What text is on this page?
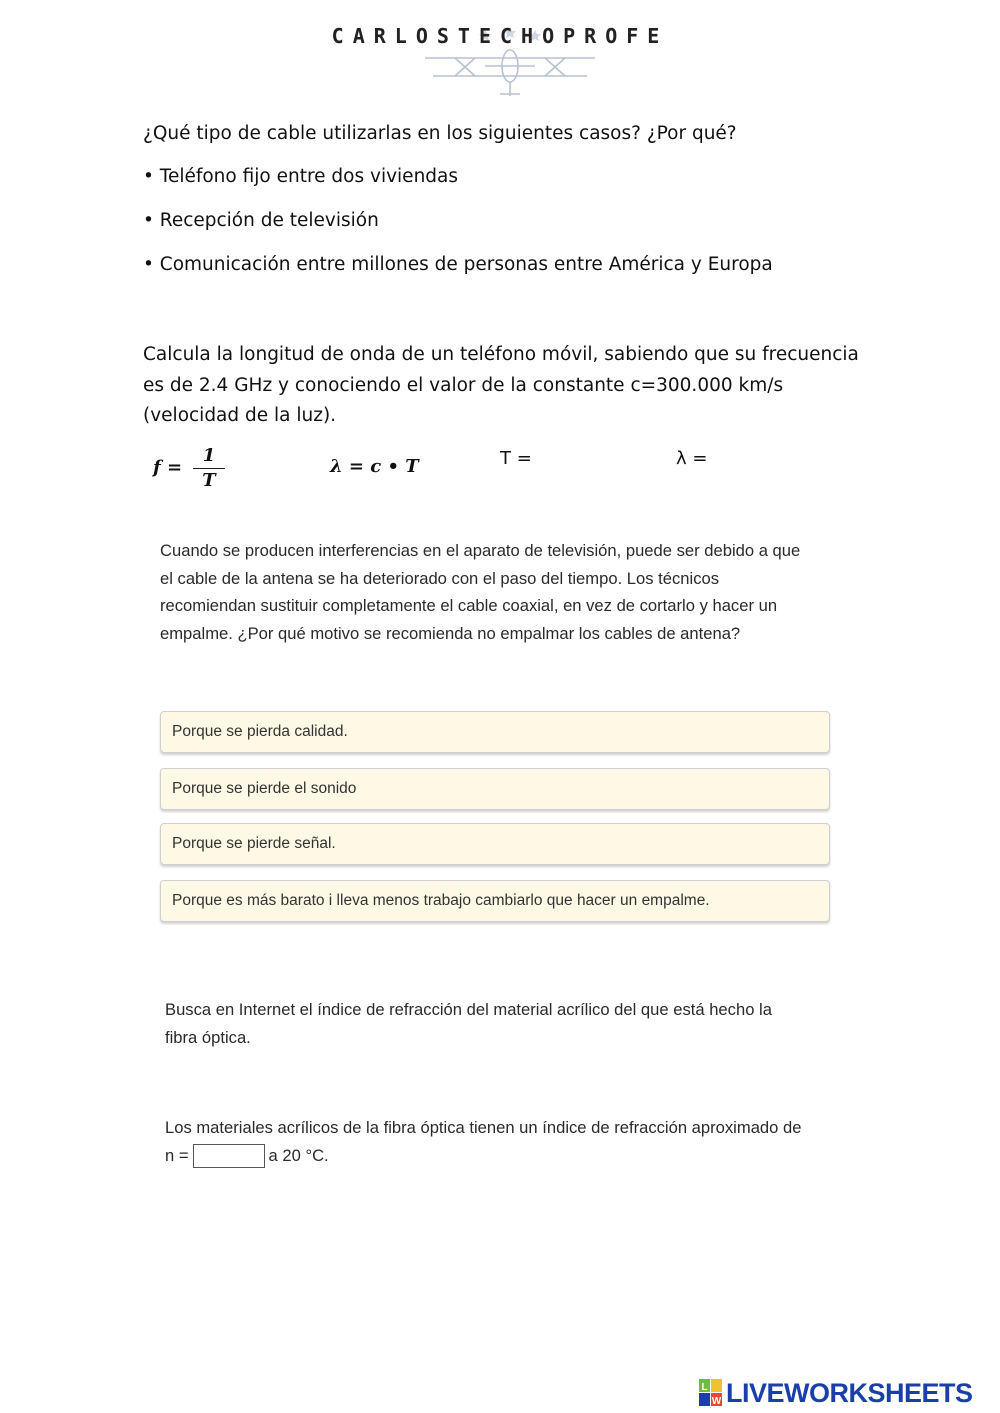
CARLOSTECHOPROFE
¿Qué tipo de cable utilizarlas en los siguientes casos? ¿Por qué?
• Teléfono fijo entre dos viviendas
• Recepción de televisión
• Comunicación entre millones de personas entre América y Europa
Calcula la longitud de onda de un teléfono móvil, sabiendo que su frecuencia
es de 2.4 GHz y conociendo el valor de la constante c=300.000 km/s
(velocidad de la luz).
f =
1
T
λ = c • T	T =	λ =
Cuando se producen interferencias en el aparato de televisión, puede ser debido a que
el cable de la antena se ha deteriorado con el paso del tiempo. Los técnicos
recomiendan sustituir completamente el cable coaxial, en vez de cortarlo y hacer un
empalme. ¿Por qué motivo se recomienda no empalmar los cables de antena?
Porque se pierda calidad.
Porque se pierde el sonido
Porque se pierde señal.
Porque es más barato i lleva menos trabajo cambiarlo que hacer un empalme.
Busca en Internet el índice de refracción del material acrílico del que está hecho la
fibra óptica.
Los materiales acrílicos de la fibra óptica tienen un índice de refracción aproximado de
n =	a 20 °C.
L
W LIVEWORKSHEETS
